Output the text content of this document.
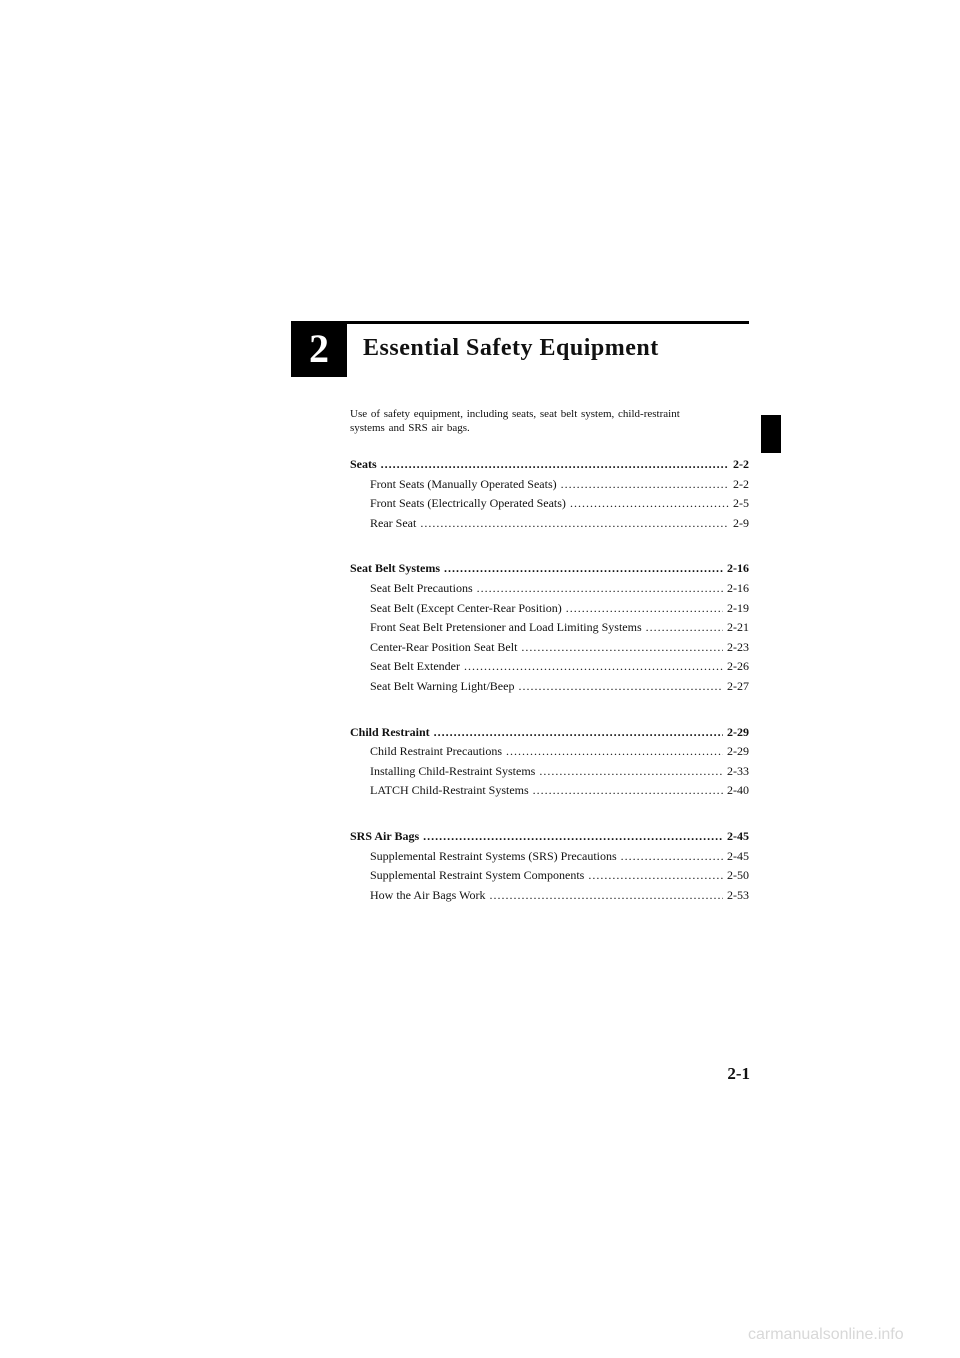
2	Essential Safety Equipment
Use of safety equipment, including seats, seat belt system, child-restraint
systems and SRS air bags.
Seats .....	2-2
Front Seats (Manually Operated Seats) .....	2-2
Front Seats (Electrically Operated Seats) .....	2-5
Rear Seat .....	2-9
Seat Belt Systems .....	2-16
Seat Belt Precautions .....	2-16
Seat Belt (Except Center-Rear Position) .....	2-19
Front Seat Belt Pretensioner and Load Limiting Systems .....	2-21
Center-Rear Position Seat Belt .....	2-23
Seat Belt Extender .....	2-26
Seat Belt Warning Light/Beep .....	2-27
Child Restraint .....	2-29
Child Restraint Precautions .....	2-29
Installing Child-Restraint Systems .....	2-33
LATCH Child-Restraint Systems .....	2-40
SRS Air Bags .....	2-45
Supplemental Restraint Systems (SRS) Precautions .....	2-45
Supplemental Restraint System Components .....	2-50
How the Air Bags Work .....	2-53
2-1
carmanualsonline.info
